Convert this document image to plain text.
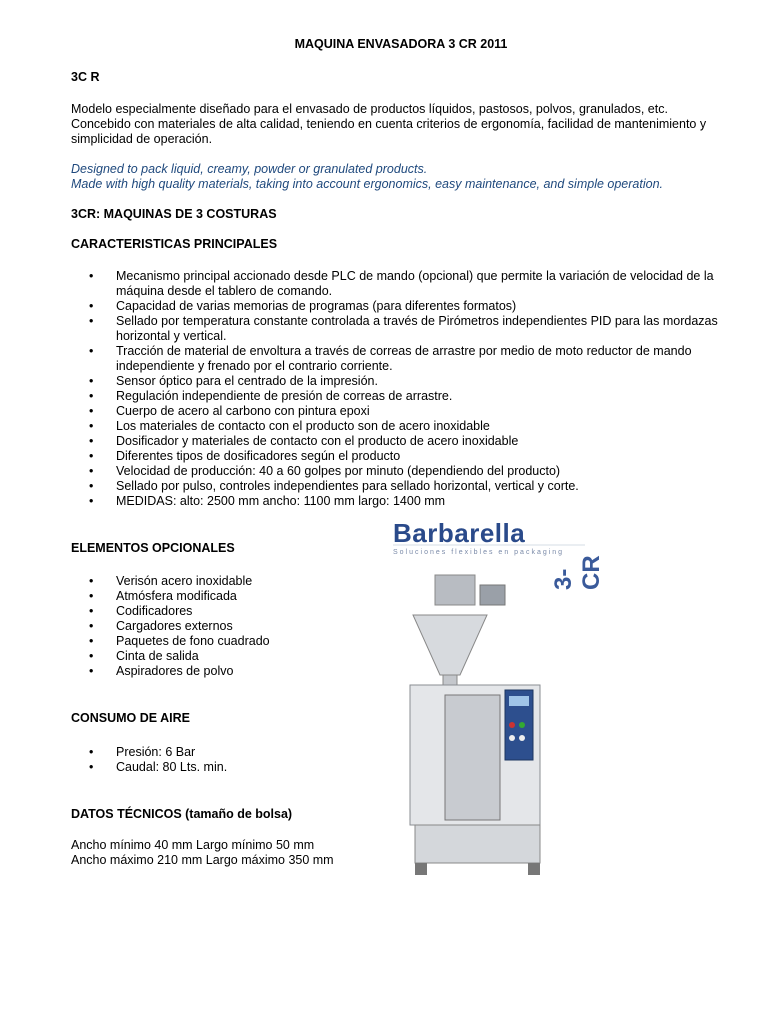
MAQUINA ENVASADORA 3 CR 2011
3C R
Modelo especialmente diseñado para el envasado de productos líquidos, pastosos, polvos, granulados, etc.
Concebido con materiales de alta calidad, teniendo en cuenta criterios de ergonomía, facilidad de mantenimiento y simplicidad de operación.
Designed to pack liquid, creamy, powder or granulated products.
Made with high quality materials, taking into account ergonomics, easy maintenance, and simple operation.
3CR: MAQUINAS DE 3 COSTURAS
CARACTERISTICAS PRINCIPALES
• Mecanismo principal accionado desde PLC de mando (opcional) que permite la variación de velocidad de la máquina desde el tablero de comando.
• Capacidad de varias memorias de programas (para diferentes formatos)
• Sellado por temperatura constante controlada a través de Pirómetros independientes PID para las mordazas horizontal y vertical.
• Tracción de material de envoltura a través de correas de arrastre por medio de moto reductor de mando independiente y frenado por el contrario corriente.
• Sensor óptico para el centrado de la impresión.
• Regulación independiente de presión de correas de arrastre.
• Cuerpo de acero al carbono con pintura epoxi
• Los materiales de contacto con el producto son de acero inoxidable
• Dosificador y materiales de contacto con el producto de acero inoxidable
• Diferentes tipos de dosificadores según el producto
• Velocidad de producción: 40 a 60 golpes por minuto (dependiendo del producto)
• Sellado por pulso, controles independientes para sellado horizontal, vertical y corte.
• MEDIDAS: alto: 2500 mm ancho: 1100 mm largo: 1400 mm
ELEMENTOS OPCIONALES
• Verisón acero inoxidable
• Atmósfera modificada
• Codificadores
• Cargadores externos
• Paquetes de fono cuadrado
• Cinta de salida
• Aspiradores de polvo
CONSUMO DE AIRE
• Presión: 6 Bar
• Caudal: 80 Lts. min.
DATOS TÉCNICOS (tamaño de bolsa)
Ancho mínimo 40 mm Largo mínimo 50 mm
Ancho máximo 210 mm Largo máximo 350 mm
Barbarella
Soluciones flexibles en packaging
3-CR
